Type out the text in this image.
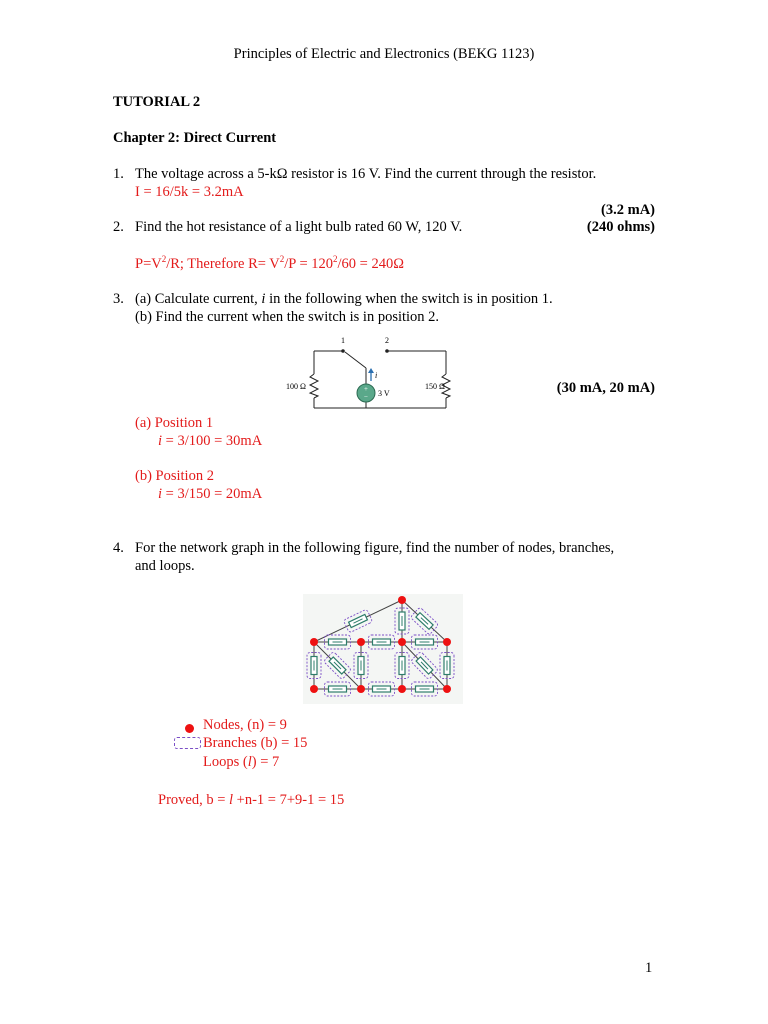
Principles of Electric and Electronics (BEKG 1123)
TUTORIAL 2
Chapter 2: Direct Current
1. The voltage across a 5-kΩ resistor is 16 V. Find the current through the resistor.
I = 16/5k = 3.2mA
(3.2 mA)
2. Find the hot resistance of a light bulb rated 60 W, 120 V.	(240 ohms)
$P=V^2/R$; Therefore $R= V^2/P = 120^2/60 = 240\Omega$
3. (a) Calculate current, i in the following when the switch is in position 1.
(b) Find the current when the switch is in position 2.
+
−
1	2
100 Ω	150 Ω
3 V
i
(30 mA, 20 mA)
(a) Position 1
i = 3/100 = 30mA
(b) Position 2
i = 3/150 = 20mA
4. For the network graph in the following figure, find the number of nodes, branches,
and loops.
Nodes, (n) = 9
Branches (b) = 15
Loops (l) = 7
Proved, b = l +n-1 = 7+9-1 = 15
1
